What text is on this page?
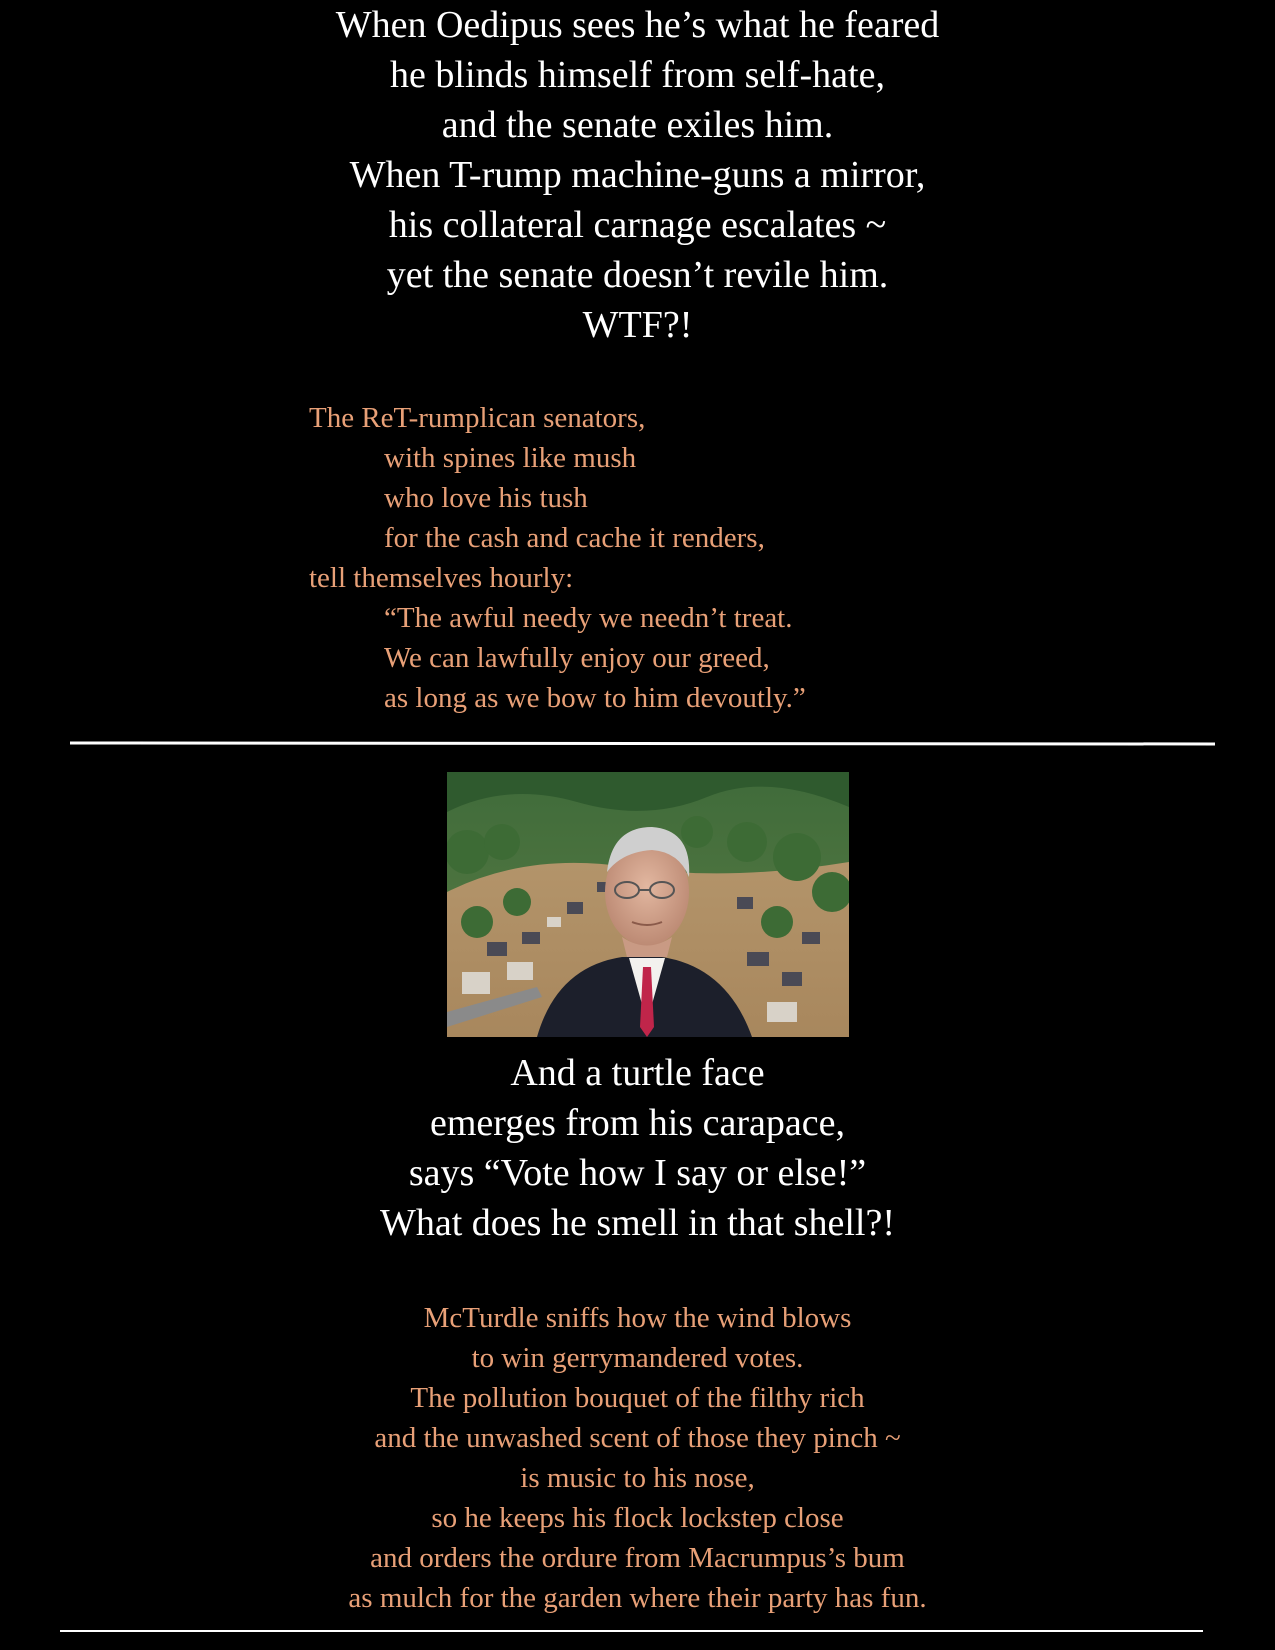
When Oedipus sees he’s what he feared
he blinds himself from self-hate,
and the senate exiles him.
When T-rump machine-guns a mirror,
his collateral carnage escalates ~
yet the senate doesn’t revile him.
WTF?!
The ReT-rumplican senators,
with spines like mush
who love his tush
for the cash and cache it renders,
tell themselves hourly:
“The awful needy we needn’t treat.
We can lawfully enjoy our greed,
as long as we bow to him devoutly.”
And a turtle face
emerges from his carapace,
says “Vote how I say or else!”
What does he smell in that shell?!
McTurdle sniffs how the wind blows
to win gerrymandered votes.
The pollution bouquet of the filthy rich
and the unwashed scent of those they pinch ~
is music to his nose,
so he keeps his flock lockstep close
and orders the ordure from Macrumpus’s bum
as mulch for the garden where their party has fun.
